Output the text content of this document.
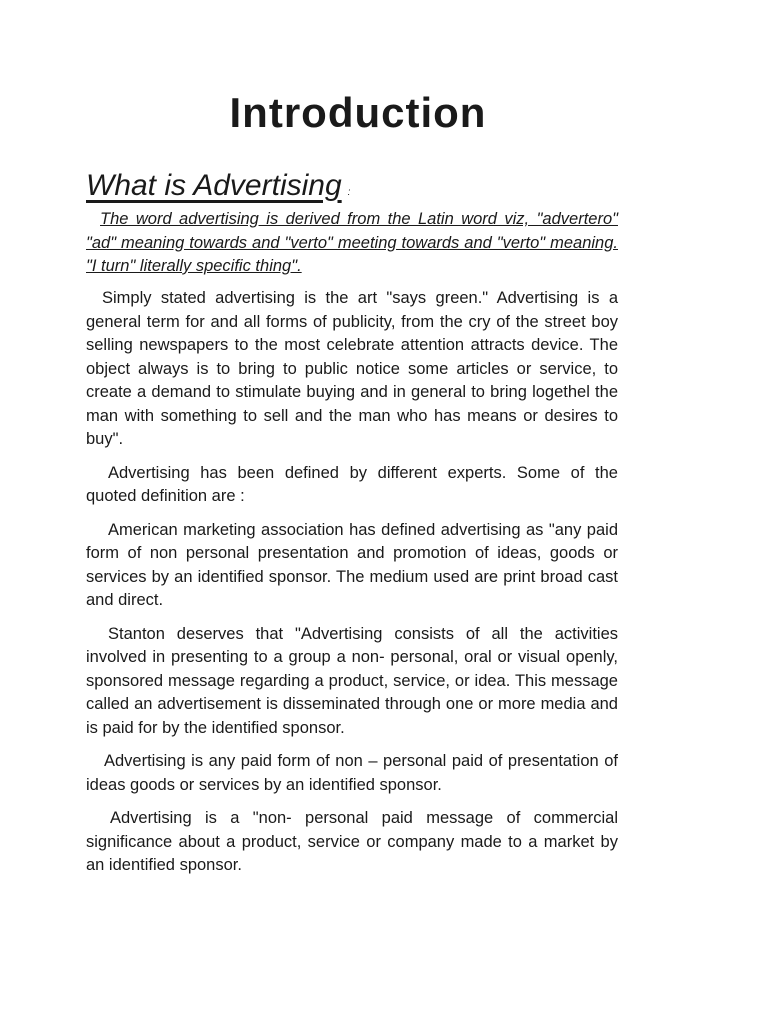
Introduction
What is Advertising :

The word advertising is derived from the Latin word viz, "advertero" "ad" meaning towards and "verto" meeting towards and "verto" meaning. "I turn" literally specific thing".

Simply stated advertising is the art "says green." Advertising is a general term for and all forms of publicity, from the cry of the street boy selling newspapers to the most celebrate attention attracts device. The object always is to bring to public notice some articles or service, to create a demand to stimulate buying and in general to bring logethel the man with something to sell and the man who has means or desires to buy".

Advertising has been defined by different experts. Some of the quoted definition are :

American marketing association has defined advertising as "any paid form of non personal presentation and promotion of ideas, goods or services by an identified sponsor. The medium used are print broad cast and direct.

Stanton deserves that "Advertising consists of all the activities involved in presenting to a group a non- personal, oral or visual openly, sponsored message regarding a product, service, or idea. This message called an advertisement is disseminated through one or more media and is paid for by the identified sponsor.

Advertising is any paid form of non – personal paid of presentation of ideas goods or services by an identified sponsor.

Advertising is a "non- personal paid message of commercial significance about a product, service or company made to a market by an identified sponsor.
